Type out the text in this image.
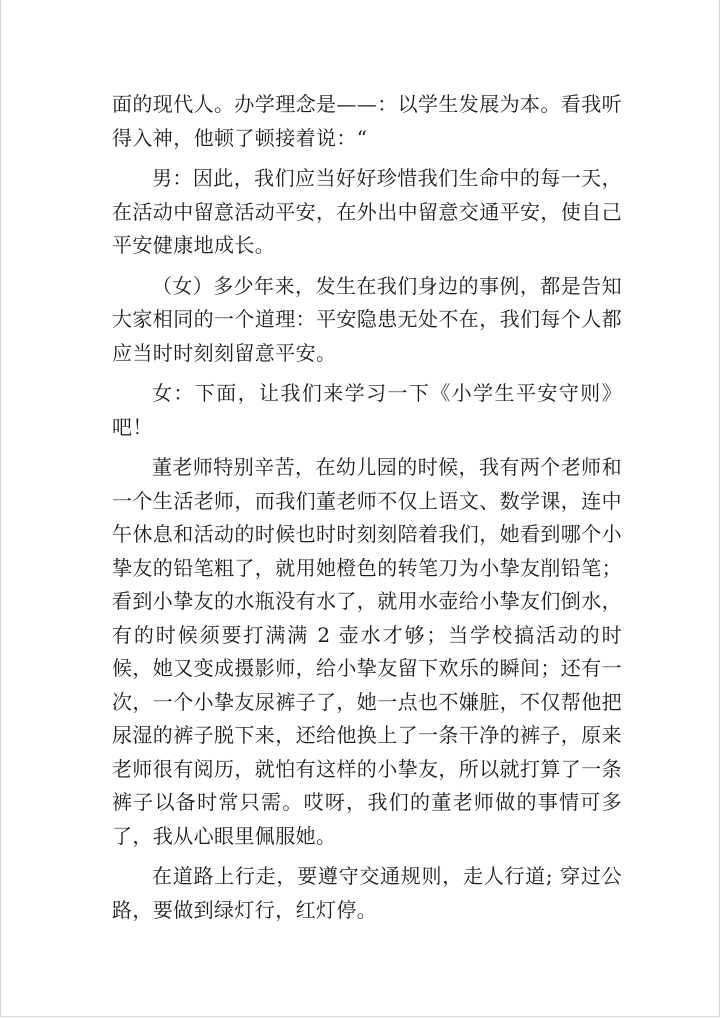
面的现代人。办学理念是——：以学生发展为本。看我听得入神，他顿了顿接着说：“

男：因此，我们应当好好珍惜我们生命中的每一天，在活动中留意活动平安，在外出中留意交通平安，使自己平安健康地成长。

（女）多少年来，发生在我们身边的事例，都是告知大家相同的一个道理：平安隐患无处不在，我们每个人都应当时时刻刻留意平安。

女：下面，让我们来学习一下《小学生平安守则》吧！

董老师特别辛苦，在幼儿园的时候，我有两个老师和一个生活老师，而我们董老师不仅上语文、数学课，连中午休息和活动的时候也时时刻刻陪着我们，她看到哪个小挚友的铅笔粗了，就用她橙色的转笔刀为小挚友削铅笔；看到小挚友的水瓶没有水了，就用水壶给小挚友们倒水，有的时候须要打满满 2 壶水才够；当学校搞活动的时候，她又变成摄影师，给小挚友留下欢乐的瞬间；还有一次，一个小挚友尿裤子了，她一点也不嫌脏，不仅帮他把尿湿的裤子脱下来，还给他换上了一条干净的裤子，原来老师很有阅历，就怕有这样的小挚友，所以就打算了一条裤子以备时常只需。哎呀，我们的董老师做的事情可多了，我从心眼里佩服她。

在道路上行走，要遵守交通规则，走人行道; 穿过公路，要做到绿灯行，红灯停。
